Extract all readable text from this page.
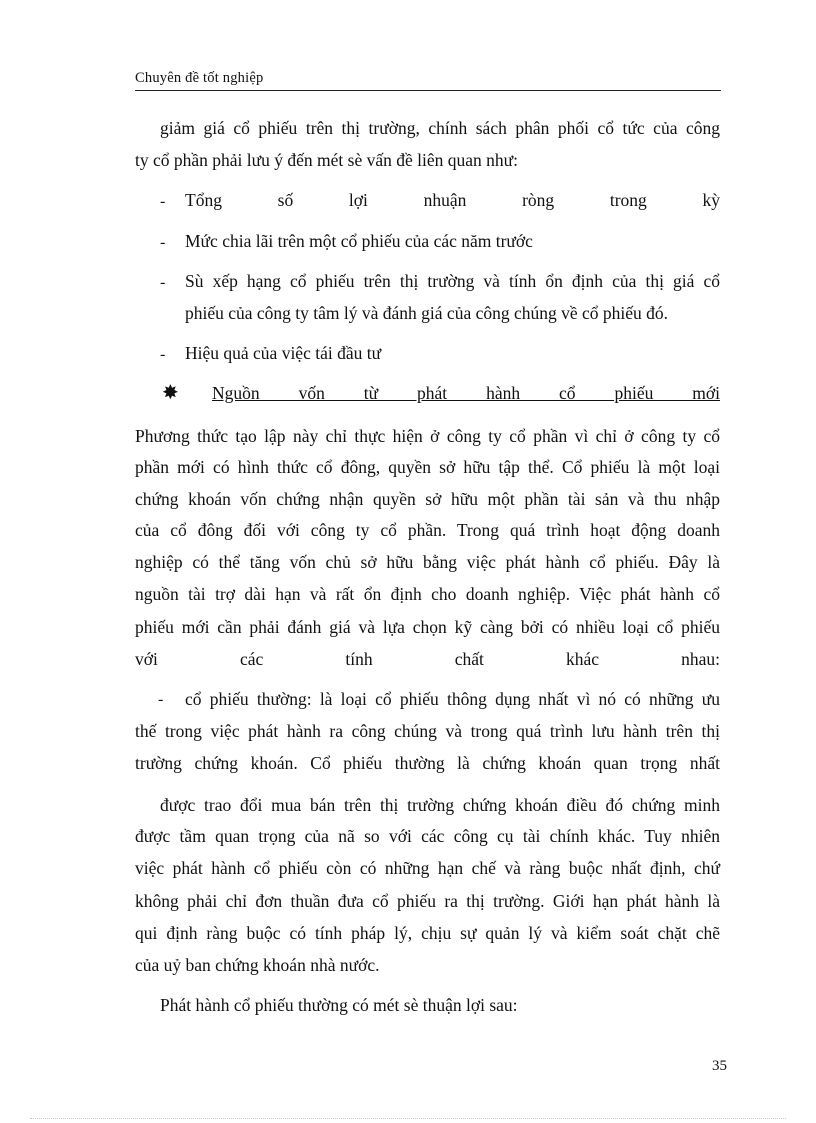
Chuyên đề tốt nghiệp
giảm giá cổ phiếu trên thị trường, chính sách phân phối cổ tức của công
ty cổ phần phải lưu ý đến mét sè vấn đề liên quan như:
Tổng số lợi nhuận ròng trong kỳ
Mức chia lãi trên một cổ phiếu của các năm trước
Sù xếp hạng cổ phiếu trên thị trường và tính ổn định của thị giá cổ
phiếu của công ty tâm lý và đánh giá của công chúng về cổ phiếu đó.
Hiệu quả của việc tái đầu tư
Phương thức tạo lập này chỉ thực hiện ở công ty cổ phần vì chỉ ở công ty cổ
phần mới có hình thức cổ đông, quyền sở hữu tập thể. Cổ phiếu là một loại
chứng khoán vốn chứng nhận quyền sở hữu một phần tài sản và thu nhập
của cổ đông đối với công ty cổ phần. Trong quá trình hoạt động doanh
nghiệp có thể tăng vốn chủ sở hữu bằng việc phát hành cổ phiếu. Đây là
nguồn tài trợ dài hạn và rất ổn định cho doanh nghiệp. Việc phát hành cổ
phiếu mới cần phải đánh giá và lựa chọn kỹ càng bởi có nhiều loại cổ phiếu
với các tính chất khác nhau:
cổ phiếu thường: là loại cổ phiếu thông dụng nhất vì nó có những ưu
thế trong việc phát hành ra công chúng và trong quá trình lưu hành trên thị
trường chứng khoán. Cổ phiếu thường là chứng khoán quan trọng nhất
được trao đổi mua bán trên thị trường chứng khoán điều đó chứng minh
được tầm quan trọng của nã so với các công cụ tài chính khác. Tuy nhiên
việc phát hành cổ phiếu còn có những hạn chế và ràng buộc nhất định, chứ
không phải chỉ đơn thuần đưa cổ phiếu ra thị trường. Giới hạn phát hành là
qui định ràng buộc có tính pháp lý, chịu sự quản lý và kiểm soát chặt chẽ
của uỷ ban chứng khoán nhà nước.
Phát hành cổ phiếu thường có mét sè thuận lợi sau:
-
-
-
-
-
✸ Nguồn vốn từ phát hành cổ phiếu mới
35
